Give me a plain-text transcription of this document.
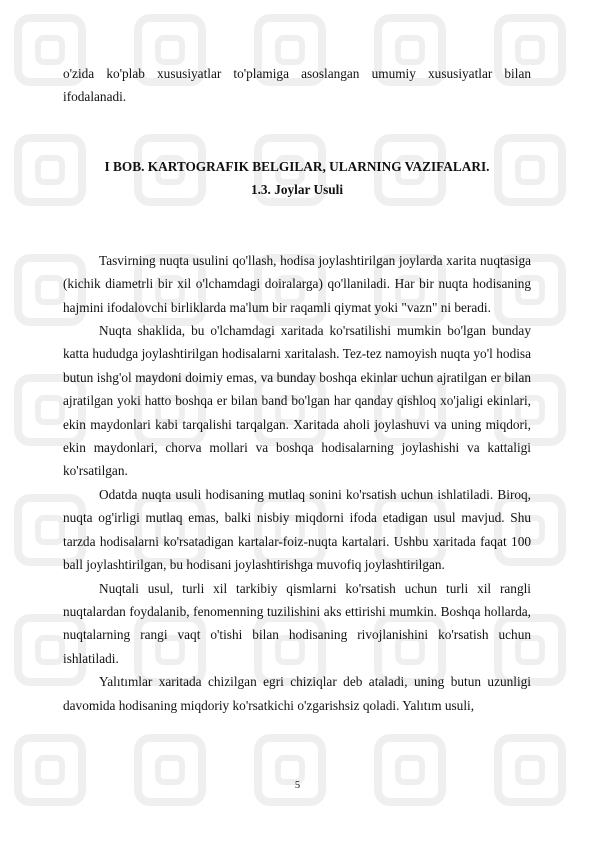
o'zida ko'plab xususiyatlar to'plamiga asoslangan umumiy xususiyatlar bilan ifodalanadi.

I BOB. KARTOGRAFIK BELGILAR, ULARNING VAZIFALARI.
1.3. Joylar Usuli

Tasvirning nuqta usulini qo'llash, hodisa joylashtirilgan joylarda xarita nuqtasiga (kichik diametrli bir xil o'lchamdagi doiralarga) qo'llaniladi. Har bir nuqta hodisaning hajmini ifodalovchi birliklarda ma'lum bir raqamli qiymat yoki "vazn" ni beradi.

Nuqta shaklida, bu o'lchamdagi xaritada ko'rsatilishi mumkin bo'lgan bunday katta hududga joylashtirilgan hodisalarni xaritalash. Tez-tez namoyish nuqta yo'l hodisa butun ishg'ol maydoni doimiy emas, va bunday boshqa ekinlar uchun ajratilgan er bilan ajratilgan yoki hatto boshqa er bilan band bo'lgan har qanday qishloq xo'jaligi ekinlari, ekin maydonlari kabi tarqalishi tarqalgan. Xaritada aholi joylashuvi va uning miqdori, ekin maydonlari, chorva mollari va boshqa hodisalarning joylashishi va kattaligi ko'rsatilgan.

Odatda nuqta usuli hodisaning mutlaq sonini ko'rsatish uchun ishlatiladi. Biroq, nuqta og'irligi mutlaq emas, balki nisbiy miqdorni ifoda etadigan usul mavjud. Shu tarzda hodisalarni ko'rsatadigan kartalar-foiz-nuqta kartalari. Ushbu xaritada faqat 100 ball joylashtirilgan, bu hodisani joylashtirishga muvofiq joylashtirilgan.

Nuqtali usul, turli xil tarkibiy qismlarni ko'rsatish uchun turli xil rangli nuqtalardan foydalanib, fenomenning tuzilishini aks ettirishi mumkin. Boshqa hollarda, nuqtalarning rangi vaqt o'tishi bilan hodisaning rivojlanishini ko'rsatish uchun ishlatiladi.

Yalıtımlar xaritada chizilgan egri chiziqlar deb ataladi, uning butun uzunligi davomida hodisaning miqdoriy ko'rsatkichi o'zgarishsiz qoladi. Yalıtım usuli,

5
